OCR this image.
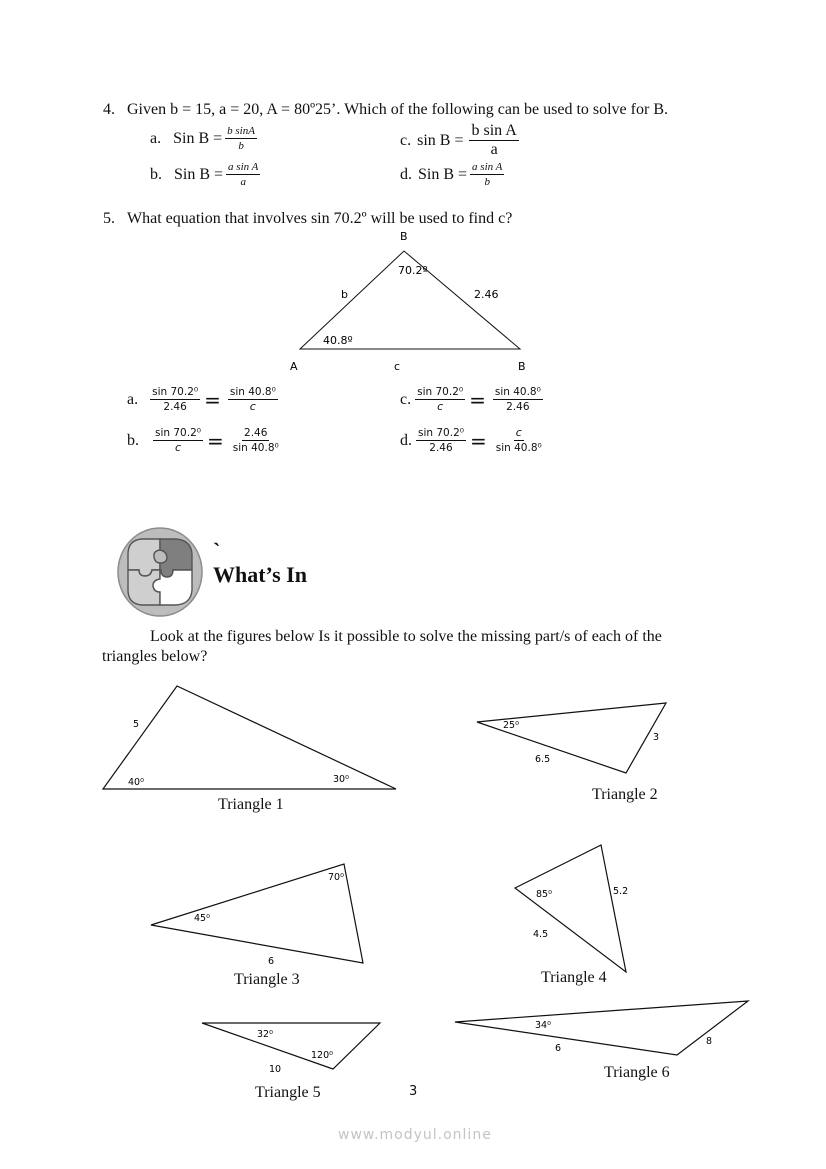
4. Given b = 15, a = 20, A = 80º25’. Which of the following can be used to solve for B.
a. Sin $B = \frac{\text{b sinA}}{b}$
b. Sin $B = \frac{\text{a sin A}}{a}$
c. $\sin B = \frac{\text{b sin A}}{a}$
d. Sin $B = \frac{\text{a sin A}}{b}$
5. What equation that involves sin 70.2º will be used to find c?
B
70.2º
b	2.46
40.8º
A	c	B
a. $\frac{\text{sin 70.2⁰}}{2.46} = \frac{\text{sin 40.8⁰}}{c}$
b. $\frac{\text{sin 70.2⁰}}{c} = \frac{2.46}{\text{sin 40.8⁰}}$
c. $\frac{\text{sin 70.2⁰}}{c} = \frac{\text{sin 40.8⁰}}{2.46}$
d. $\frac{\text{sin 70.2⁰}}{2.46} = \frac{c}{\text{sin 40.8⁰}}$
`
What’s In
Look at the figures below Is it possible to solve the missing part/s of each of the triangles below?
5
40⁰	30⁰
25⁰
3
6.5
70⁰
45⁰
6
85⁰	5.2
4.5
32⁰
120⁰
10
34⁰
6
8
Triangle 1
Triangle 2
Triangle 3	Triangle 4
Triangle 5
Triangle 6
3
www.modyul.online
